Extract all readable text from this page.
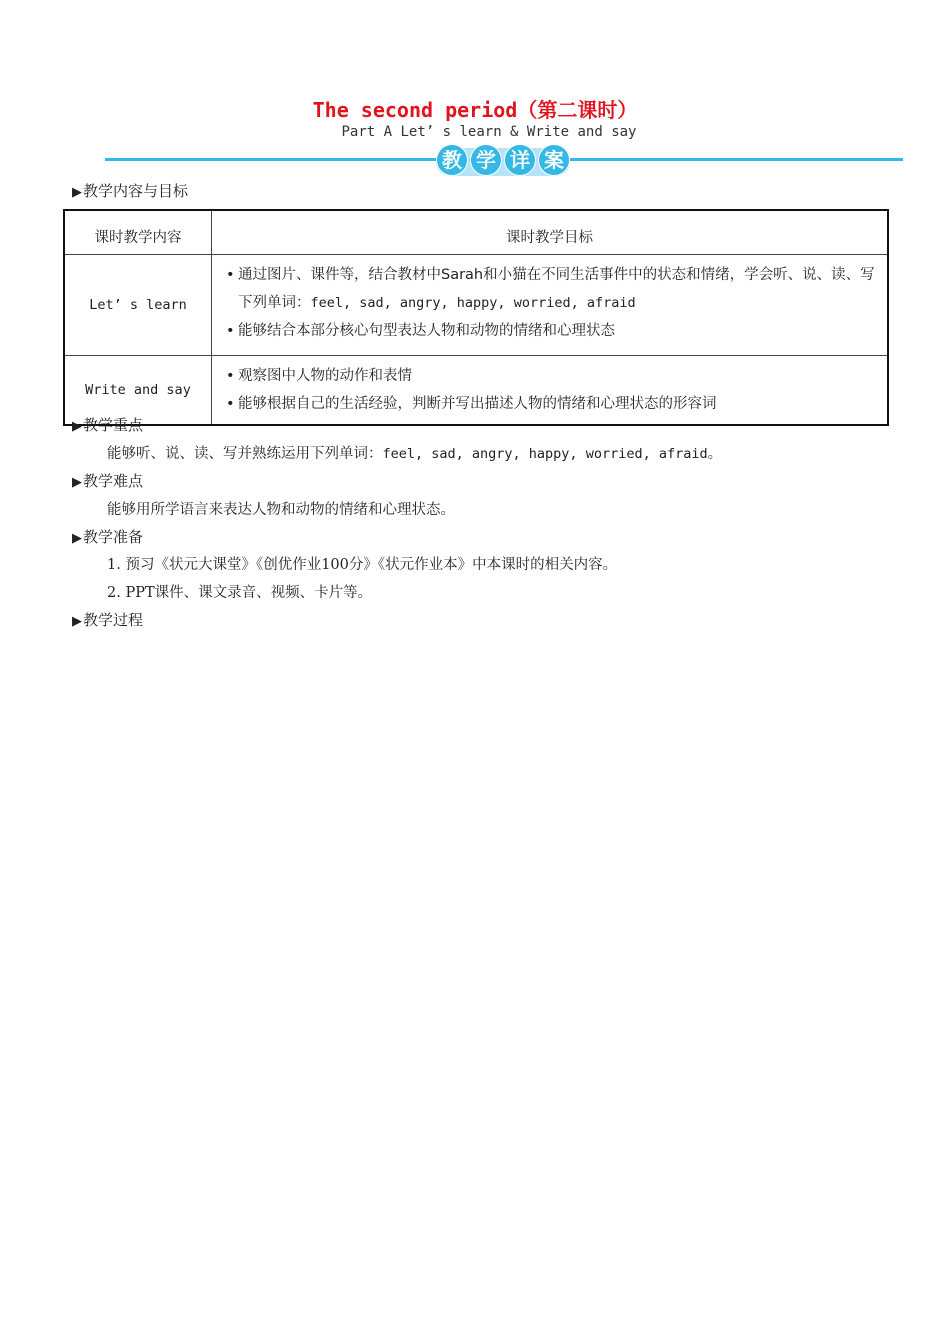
The second period（第二课时）
Part A Let’ s learn & Write and say
教 学 详 案
▶教学内容与目标
课时教学内容	课时教学目标
Let’ s learn	• 通过图片、课件等，结合教材中Sarah和小猫在不同生活事件中的状态和情绪，学会听、说、读、写下列单词：feel, sad, angry, happy, worried, afraid
• 能够结合本部分核心句型表达人物和动物的情绪和心理状态

Write and say	• 观察图中人物的动作和表情
• 能够根据自己的生活经验，判断并写出描述人物的情绪和心理状态的形容词
▶教学重点
能够听、说、读、写并熟练运用下列单词：feel, sad, angry, happy, worried, afraid。
▶教学难点
能够用所学语言来表达人物和动物的情绪和心理状态。
▶教学准备
1. 预习《状元大课堂》《创优作业100分》《状元作业本》中本课时的相关内容。
2. PPT课件、课文录音、视频、卡片等。
▶教学过程
